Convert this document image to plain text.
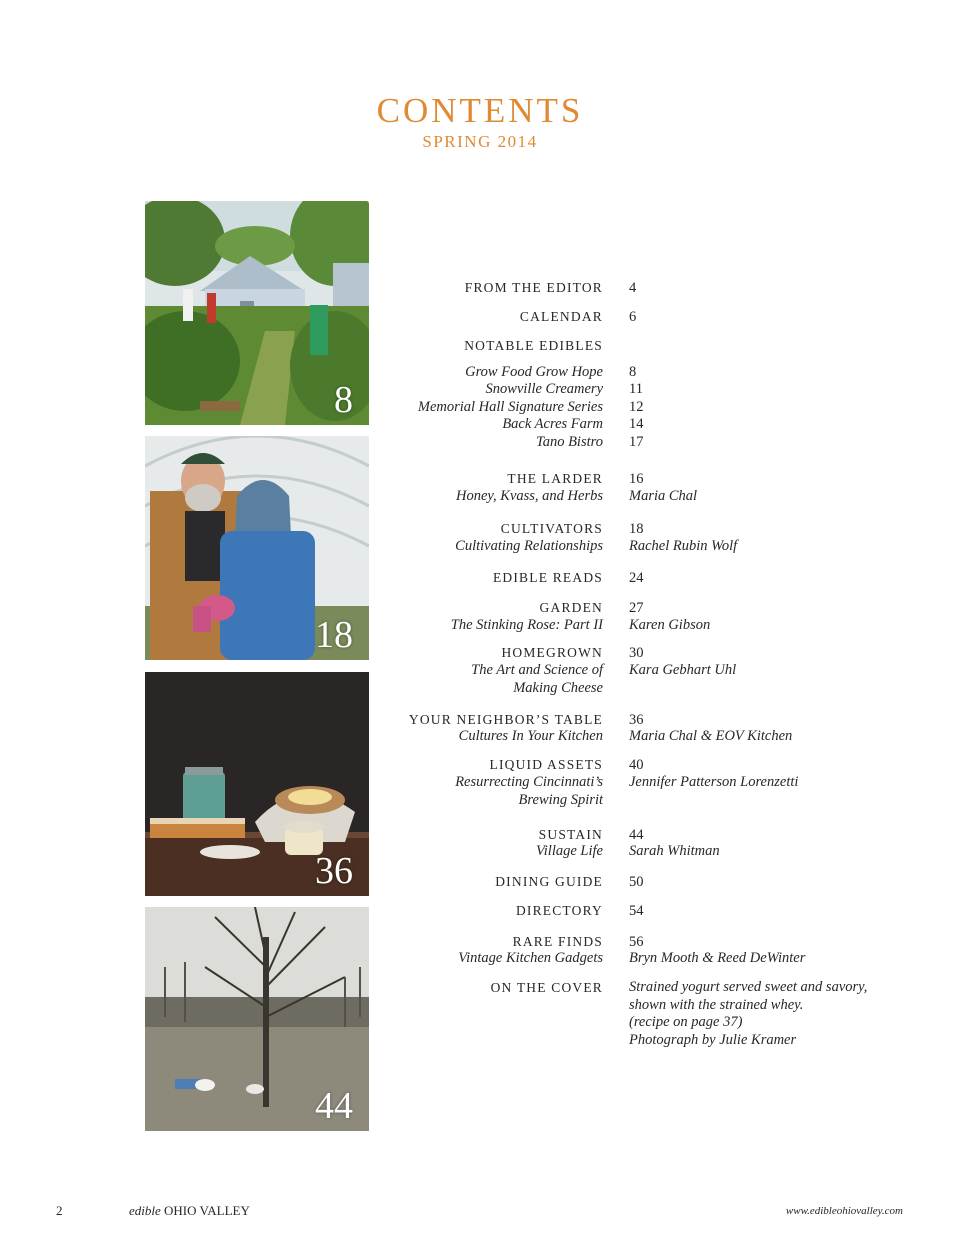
contents
SPRING 2014
8
18
36
44
FROM THE EDITOR 4
CALENDAR 6
NOTABLE EDIBLES
Grow Food Grow Hope 8
Snowville Creamery 11
Memorial Hall Signature Series 12
Back Acres Farm 14
Tano Bistro 17
THE LARDER 16
Honey, Kvass, and Herbs Maria Chal
CULTIVATORS 18
Cultivating Relationships Rachel Rubin Wolf
EDIBLE READS 24
GARDEN 27
The Stinking Rose: Part II Karen Gibson
HOMEGROWN 30
The Art and Science of
Making Cheese
Kara Gebhart Uhl
YOUR NEIGHBOR’S TABLE 36
Cultures In Your Kitchen Maria Chal & EOV Kitchen
LIQUID ASSETS 40
Resurrecting Cincinnati’s
Brewing Spirit
Jennifer Patterson Lorenzetti
SUSTAIN 44
Village Life Sarah Whitman
DINING GUIDE 50
DIRECTORY 54
RARE FINDS 56
Vintage Kitchen Gadgets Bryn Mooth & Reed DeWinter
ON THE COVER Strained yogurt served sweet and savory,
shown with the strained whey.
(recipe on page 37)
Photograph by Julie Kramer
2	edible OHIO VALLEY	www.edibleohiovalley.com
